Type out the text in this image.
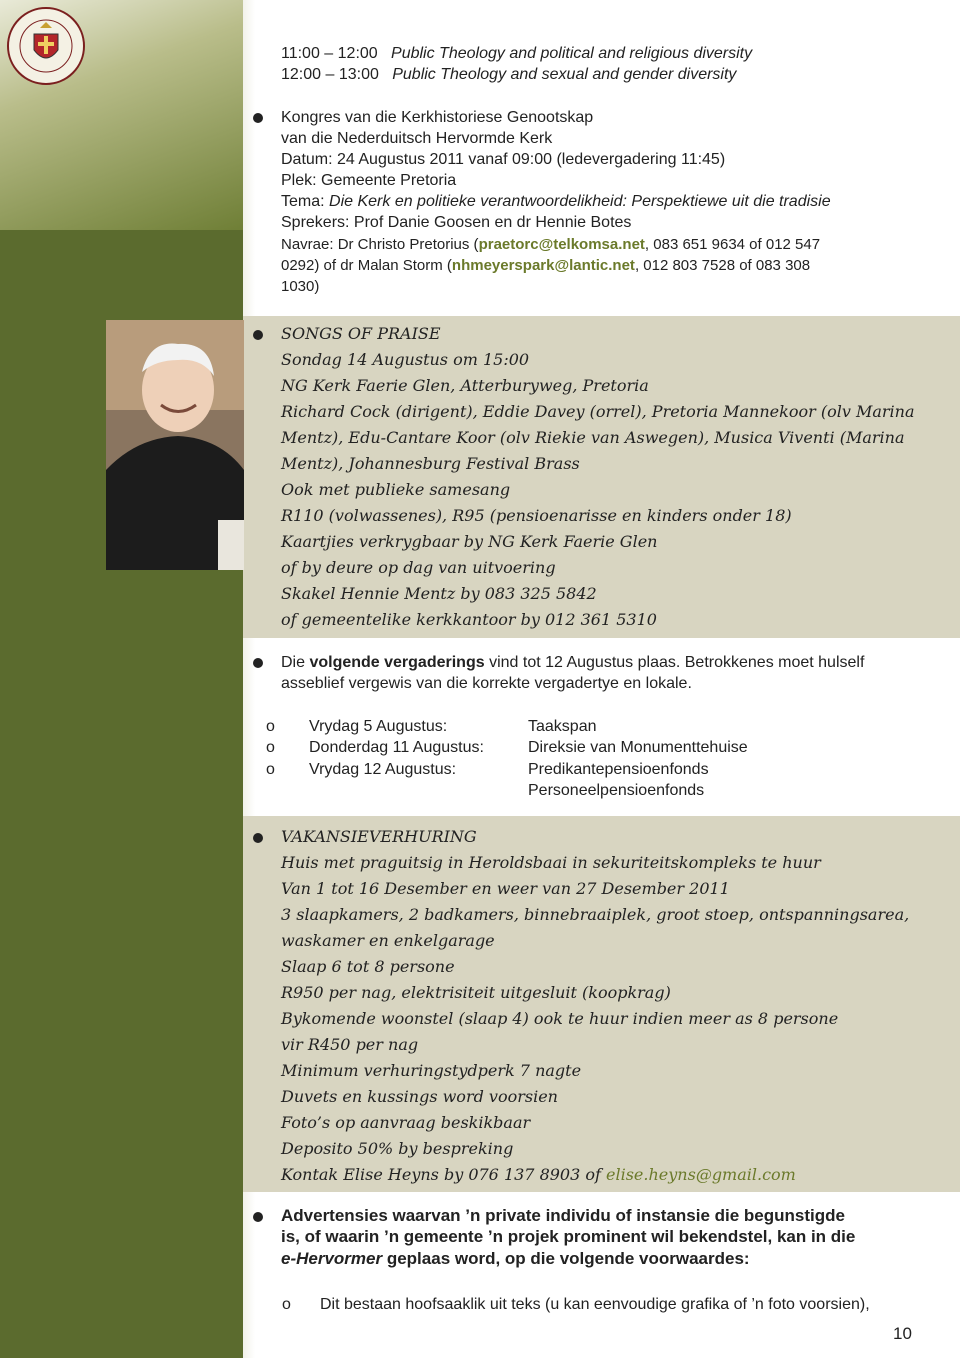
11:00 – 12:00 Public Theology and political and religious diversity
12:00 – 13:00 Public Theology and sexual and gender diversity
Kongres van die Kerkhistoriese Genootskap
van die Nederduitsch Hervormde Kerk
Datum: 24 Augustus 2011 vanaf 09:00 (ledevergadering 11:45)
Plek: Gemeente Pretoria
Tema: Die Kerk en politieke verantwoordelikheid: Perspektiewe uit die tradisie
Sprekers: Prof Danie Goosen en dr Hennie Botes
Navrae: Dr Christo Pretorius (praetorc@telkomsa.net, 083 651 9634 of 012 547
0292) of dr Malan Storm (nhmeyerspark@lantic.net, 012 803 7528 of 083 308
1030)
SONGS OF PRAISE
Sondag 14 Augustus om 15:00
NG Kerk Faerie Glen, Atterburyweg, Pretoria
Richard Cock (dirigent), Eddie Davey (orrel), Pretoria Mannekoor (olv Marina
Mentz), Edu-Cantare Koor (olv Riekie van Aswegen), Musica Viventi (Marina
Mentz), Johannesburg Festival Brass
Ook met publieke samesang
R110 (volwassenes), R95 (pensioenarisse en kinders onder 18)
Kaartjies verkrygbaar by NG Kerk Faerie Glen
of by deure op dag van uitvoering
Skakel Hennie Mentz by 083 325 5842
of gemeentelike kerkkantoor by 012 361 5310
Die volgende vergaderings vind tot 12 Augustus plaas. Betrokkenes moet hulself
asseblief vergewis van die korrekte vergadertye en lokale.
o Vrydag 5 Augustus:	Taakspan
o Donderdag 11 Augustus:	Direksie van Monumenttehuise
o Vrydag 12 Augustus:	Predikantepensioenfonds
Personeelpensioenfonds
VAKANSIEVERHURING
Huis met praguitsig in Heroldsbaai in sekuriteitskompleks te huur
Van 1 tot 16 Desember en weer van 27 Desember 2011
3 slaapkamers, 2 badkamers, binnebraaiplek, groot stoep, ontspanningsarea,
waskamer en enkelgarage
Slaap 6 tot 8 persone
R950 per nag, elektrisiteit uitgesluit (koopkrag)
Bykomende woonstel (slaap 4) ook te huur indien meer as 8 persone
vir R450 per nag
Minimum verhuringstydperk 7 nagte
Duvets en kussings word voorsien
Foto’s op aanvraag beskikbaar
Deposito 50% by bespreking
Kontak Elise Heyns by 076 137 8903 of elise.heyns@gmail.com
Advertensies waarvan ’n private individu of instansie die begunstigde
is, of waarin ’n gemeente ’n projek prominent wil bekendstel, kan in die
e-Hervormer geplaas word, op die volgende voorwaardes:
o Dit bestaan hoofsaaklik uit teks (u kan eenvoudige grafika of ’n foto voorsien),
10
